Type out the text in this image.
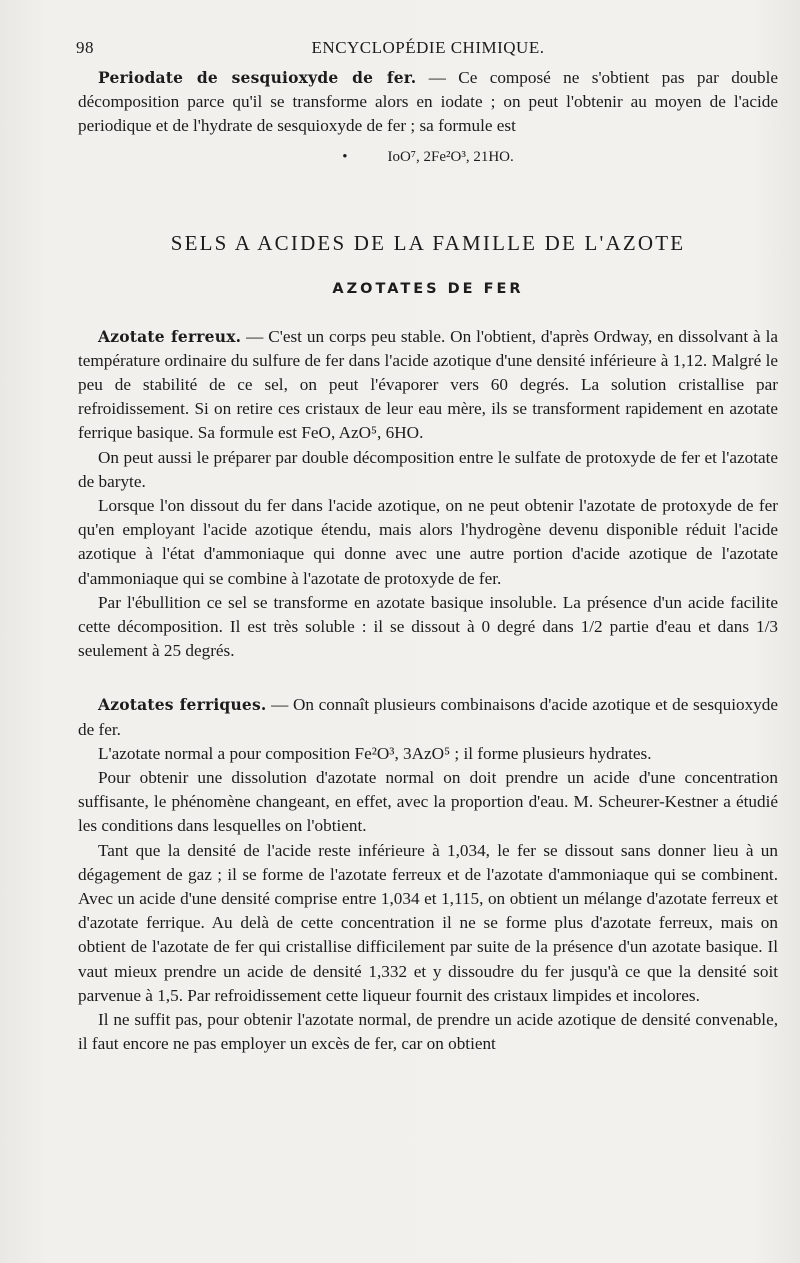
98	ENCYCLOPÉDIE CHIMIQUE.

Periodate de sesquioxyde de fer. — Ce composé ne s'obtient pas par double décomposition parce qu'il se transforme alors en iodate ; on peut l'obtenir au moyen de l'acide periodique et de l'hydrate de sesquioxyde de fer ; sa formule est

•	IoO⁷, 2Fe²O³, 21HO.
SELS A ACIDES DE LA FAMILLE DE L'AZOTE
AZOTATES DE FER

Azotate ferreux. — C'est un corps peu stable. On l'obtient, d'après Ordway, en dissolvant à la température ordinaire du sulfure de fer dans l'acide azotique d'une densité inférieure à 1,12. Malgré le peu de stabilité de ce sel, on peut l'évaporer vers 60 degrés. La solution cristallise par refroidissement. Si on retire ces cristaux de leur eau mère, ils se transforment rapidement en azotate ferrique basique. Sa formule est FeO, AzO⁵, 6HO.

On peut aussi le préparer par double décomposition entre le sulfate de protoxyde de fer et l'azotate de baryte.

Lorsque l'on dissout du fer dans l'acide azotique, on ne peut obtenir l'azotate de protoxyde de fer qu'en employant l'acide azotique étendu, mais alors l'hydrogène devenu disponible réduit l'acide azotique à l'état d'ammoniaque qui donne avec une autre portion d'acide azotique de l'azotate d'ammoniaque qui se combine à l'azotate de protoxyde de fer.

Par l'ébullition ce sel se transforme en azotate basique insoluble. La présence d'un acide facilite cette décomposition. Il est très soluble : il se dissout à 0 degré dans 1/2 partie d'eau et dans 1/3 seulement à 25 degrés.

Azotates ferriques. — On connaît plusieurs combinaisons d'acide azotique et de sesquioxyde de fer.

L'azotate normal a pour composition Fe²O³, 3AzO⁵ ; il forme plusieurs hydrates.

Pour obtenir une dissolution d'azotate normal on doit prendre un acide d'une concentration suffisante, le phénomène changeant, en effet, avec la proportion d'eau. M. Scheurer-Kestner a étudié les conditions dans lesquelles on l'obtient.

Tant que la densité de l'acide reste inférieure à 1,034, le fer se dissout sans donner lieu à un dégagement de gaz ; il se forme de l'azotate ferreux et de l'azotate d'ammoniaque qui se combinent. Avec un acide d'une densité comprise entre 1,034 et 1,115, on obtient un mélange d'azotate ferreux et d'azotate ferrique. Au delà de cette concentration il ne se forme plus d'azotate ferreux, mais on obtient de l'azotate de fer qui cristallise difficilement par suite de la présence d'un azotate basique. Il vaut mieux prendre un acide de densité 1,332 et y dissoudre du fer jusqu'à ce que la densité soit parvenue à 1,5. Par refroidissement cette liqueur fournit des cristaux limpides et incolores.

Il ne suffit pas, pour obtenir l'azotate normal, de prendre un acide azotique de densité convenable, il faut encore ne pas employer un excès de fer, car on obtient
